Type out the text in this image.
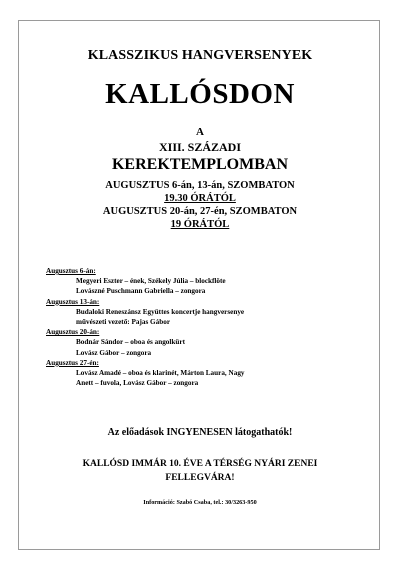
KLASSZIKUS HANGVERSENYEK
KALLÓSDON
A
XIII. SZÁZADI
KEREKTEMPLOMBAN
AUGUSZTUS 6-án, 13-án, SZOMBATON
19.30 ÓRÁTÓL
AUGUSZTUS 20-án, 27-én, SZOMBATON
19 ÓRÁTÓL
Augusztus 6-án:
Megyeri Eszter – ének, Székely Júlia – blockflöte
Lovászné Puschmann Gabriella – zongora
Augusztus 13-án:
Budaloki Reneszánsz Együttes koncertje hangversenye
művészeti vezető: Pajas Gábor
Augusztus 20-án:
Bodnár Sándor – oboa és angolkürt
Lovász Gábor – zongora
Augusztus 27-én:
Lovász Amadé – oboa és klarinét, Márton Laura, Nagy
Anett – fuvola, Lovász Gábor – zongora
Az előadások INGYENESEN látogathatók!
KALLÓSD IMMÁR 10. ÉVE A TÉRSÉG NYÁRI ZENEI
FELLEGVÁRA!
Információ: Szabó Csaba, tel.: 30/3263-950
